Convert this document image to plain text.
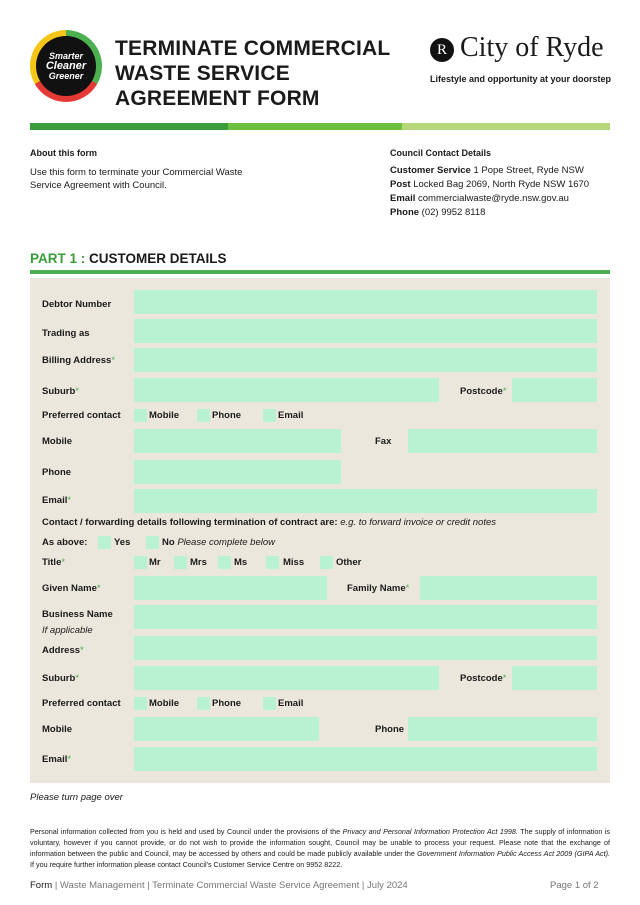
Smarter
Cleaner
Greener
TERMINATE COMMERCIAL
WASTE SERVICE
AGREEMENT FORM
R City of Ryde
Lifestyle and opportunity at your doorstep
About this form
Use this form to terminate your Commercial Waste Service Agreement with Council.
Council Contact Details
Customer Service 1 Pope Street, Ryde NSW
Post Locked Bag 2069, North Ryde NSW 1670
Email commercialwaste@ryde.nsw.gov.au
Phone (02) 9952 8118
PART 1 : CUSTOMER DETAILS
Debtor Number
Trading as
Billing Address*
Suburb*	Postcode*
Preferred contact	Mobile	Phone	Email
Mobile	Fax
Phone
Email*
Contact / forwarding details following termination of contract are: e.g. to forward invoice or credit notes
As above:	Yes	No Please complete below
Title*	Mr	Mrs	Ms	Miss	Other
Given Name*	Family Name*
Business Name
If applicable
Address*
Suburb*	Postcode*
Preferred contact	Mobile	Phone	Email
Mobile	Phone
Email*
Please turn page over
Personal information collected from you is held and used by Council under the provisions of the Privacy and Personal Information Protection Act 1998. The supply of information is voluntary, however if you cannot provide, or do not wish to provide the information sought, Council may be unable to process your request. Please note that the exchange of information between the public and Council, may be accessed by others and could be made publicly available under the Government Information Public Access Act 2009 (GIPA Act). If you require further information please contact Council's Customer Service Centre on 9952 8222.
Form | Waste Management | Terminate Commercial Waste Service Agreement | July 2024	Page 1 of 2
